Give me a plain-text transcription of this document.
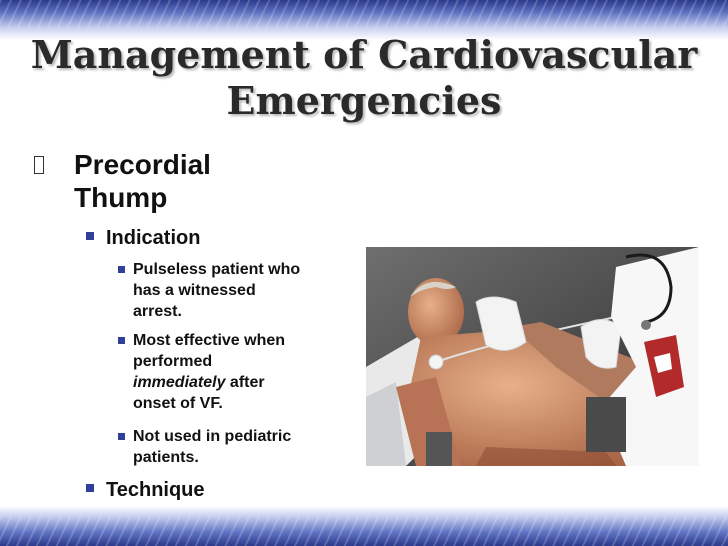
Management of Cardiovascular
Emergencies
Precordial
Thump
Indication
Pulseless patient who
has a witnessed
arrest.
Most effective when
performed
immediately after
onset of VF.
Not used in pediatric
patients.
Technique
